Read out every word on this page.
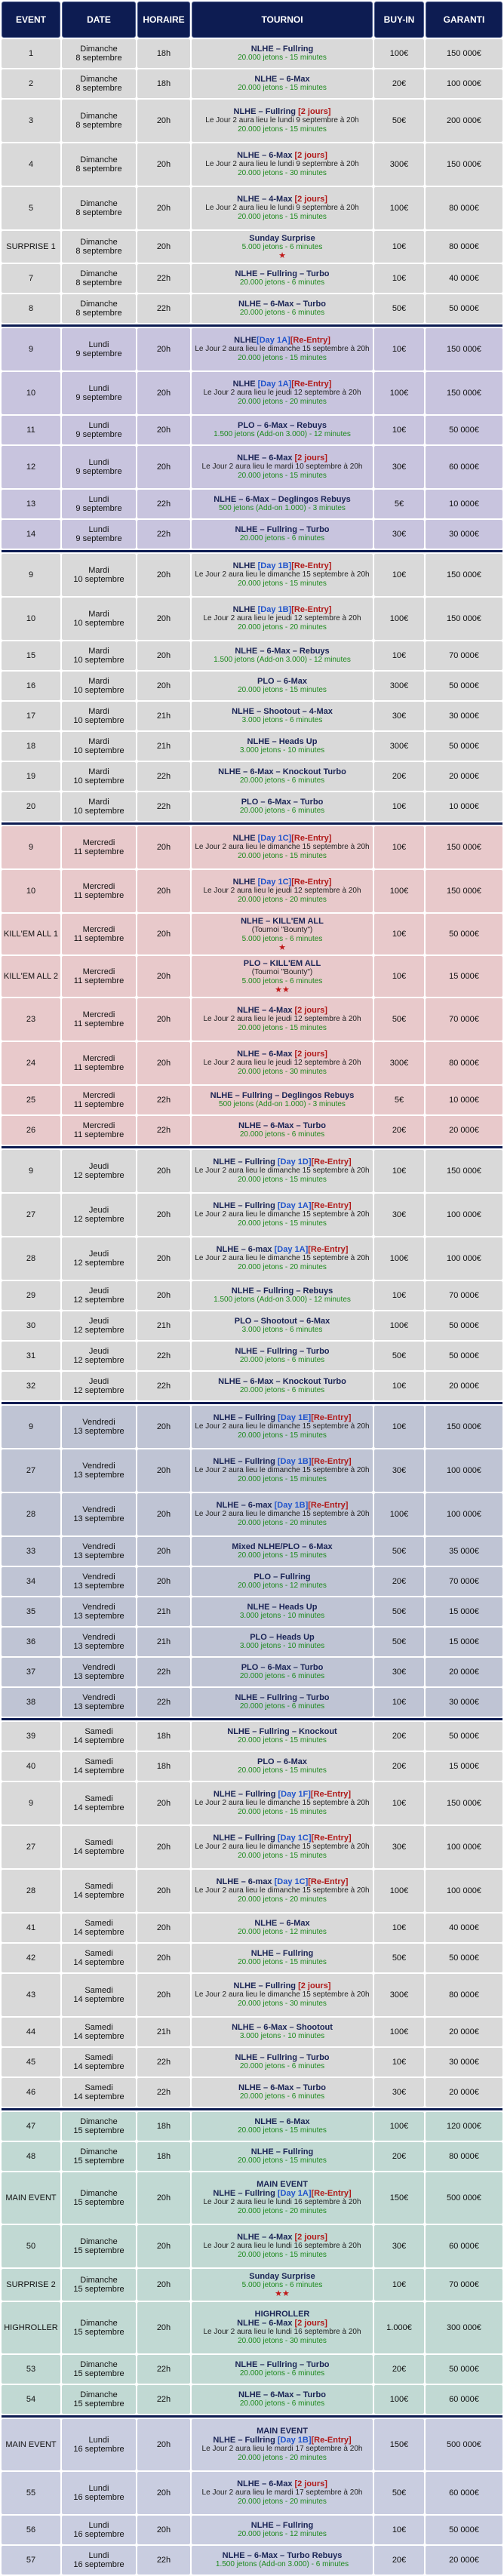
EVENT	DATE	HORAIRE	TOURNOI	BUY-IN	GARANTI
1	Dimanche
8 septembre	18h	NLHE – Fullring
20.000 jetons - 15 minutes	100€	150 000€
2	Dimanche
8 septembre	18h	NLHE – 6-Max
20.000 jetons - 15 minutes	20€	100 000€
3	Dimanche
8 septembre	20h	NLHE – Fullring [2 jours]
Le Jour 2 aura lieu le lundi 9 septembre à 20h
20.000 jetons - 15 minutes	50€	200 000€
4	Dimanche
8 septembre	20h	NLHE – 6-Max [2 jours]
Le Jour 2 aura lieu le lundi 9 septembre à 20h
20.000 jetons - 30 minutes	300€	150 000€
5	Dimanche
8 septembre	20h	NLHE – 4-Max [2 jours]
Le Jour 2 aura lieu le lundi 9 septembre à 20h
20.000 jetons - 15 minutes	100€	80 000€
SURPRISE 1	Dimanche
8 septembre	20h	Sunday Surprise
5.000 jetons - 6 minutes
★	10€	80 000€
7	Dimanche
8 septembre	22h	NLHE – Fullring – Turbo
20.000 jetons - 6 minutes	10€	40 000€
8	Dimanche
8 septembre	22h	NLHE – 6-Max – Turbo
20.000 jetons - 6 minutes	50€	50 000€

9	Lundi
9 septembre	20h	NLHE[Day 1A][Re-Entry]
Le Jour 2 aura lieu le dimanche 15 septembre à 20h
20.000 jetons - 15 minutes	10€	150 000€
10	Lundi
9 septembre	20h	NLHE [Day 1A][Re-Entry]
Le Jour 2 aura lieu le jeudi 12 septembre à 20h
20.000 jetons - 20 minutes	100€	150 000€
11	Lundi
9 septembre	20h	PLO – 6-Max – Rebuys
1.500 jetons (Add-on 3.000) - 12 minutes	10€	50 000€
12	Lundi
9 septembre	20h	NLHE – 6-Max [2 jours]
Le Jour 2 aura lieu le mardi 10 septembre à 20h
20.000 jetons - 15 minutes	30€	60 000€
13	Lundi
9 septembre	22h	NLHE – 6-Max – Deglingos Rebuys
500 jetons (Add-on 1.000) - 3 minutes	5€	10 000€
14	Lundi
9 septembre	22h	NLHE – Fullring – Turbo
20.000 jetons - 6 minutes	30€	30 000€

9	Mardi
10 septembre	20h	NLHE [Day 1B][Re-Entry]
Le Jour 2 aura lieu le dimanche 15 septembre à 20h
20.000 jetons - 15 minutes	10€	150 000€
10	Mardi
10 septembre	20h	NLHE [Day 1B][Re-Entry]
Le Jour 2 aura lieu le jeudi 12 septembre à 20h
20.000 jetons - 20 minutes	100€	150 000€
15	Mardi
10 septembre	20h	NLHE – 6-Max – Rebuys
1.500 jetons (Add-on 3.000) - 12 minutes	10€	70 000€
16	Mardi
10 septembre	20h	PLO – 6-Max
20.000 jetons - 15 minutes	300€	50 000€
17	Mardi
10 septembre	21h	NLHE – Shootout – 4-Max
3.000 jetons - 6 minutes	30€	30 000€
18	Mardi
10 septembre	21h	NLHE – Heads Up
3.000 jetons - 10 minutes	300€	50 000€
19	Mardi
10 septembre	22h	NLHE – 6-Max – Knockout Turbo
20.000 jetons - 6 minutes	20€	20 000€
20	Mardi
10 septembre	22h	PLO – 6-Max – Turbo
20.000 jetons - 6 minutes	10€	10 000€

9	Mercredi
11 septembre	20h	NLHE [Day 1C][Re-Entry]
Le Jour 2 aura lieu le dimanche 15 septembre à 20h
20.000 jetons - 15 minutes	10€	150 000€
10	Mercredi
11 septembre	20h	NLHE [Day 1C][Re-Entry]
Le Jour 2 aura lieu le jeudi 12 septembre à 20h
20.000 jetons - 20 minutes	100€	150 000€
KILL'EM ALL 1	Mercredi
11 septembre	20h	NLHE – KILL'EM ALL
(Tournoi "Bounty")
5.000 jetons - 6 minutes
★	10€	50 000€
KILL'EM ALL 2	Mercredi
11 septembre	20h	PLO – KILL'EM ALL
(Tournoi "Bounty")
5.000 jetons - 6 minutes
★★	10€	15 000€
23	Mercredi
11 septembre	20h	NLHE – 4-Max [2 jours]
Le Jour 2 aura lieu le jeudi 12 septembre à 20h
20.000 jetons - 15 minutes	50€	70 000€
24	Mercredi
11 septembre	20h	NLHE – 6-Max [2 jours]
Le Jour 2 aura lieu le jeudi 12 septembre à 20h
20.000 jetons - 30 minutes	300€	80 000€
25	Mercredi
11 septembre	22h	NLHE – Fullring – Deglingos Rebuys
500 jetons (Add-on 1.000) - 3 minutes	5€	10 000€
26	Mercredi
11 septembre	22h	NLHE – 6-Max – Turbo
20.000 jetons - 6 minutes	20€	20 000€

9	Jeudi
12 septembre	20h	NLHE – Fullring [Day 1D][Re-Entry]
Le Jour 2 aura lieu le dimanche 15 septembre à 20h
20.000 jetons - 15 minutes	10€	150 000€
27	Jeudi
12 septembre	20h	NLHE – Fullring [Day 1A][Re-Entry]
Le Jour 2 aura lieu le dimanche 15 septembre à 20h
20.000 jetons - 15 minutes	30€	100 000€
28	Jeudi
12 septembre	20h	NLHE – 6-max [Day 1A][Re-Entry]
Le Jour 2 aura lieu le dimanche 15 septembre à 20h
20.000 jetons - 20 minutes	100€	100 000€
29	Jeudi
12 septembre	20h	NLHE – Fullring – Rebuys
1.500 jetons (Add-on 3.000) - 12 minutes	10€	70 000€
30	Jeudi
12 septembre	21h	PLO – Shootout – 6-Max
3.000 jetons - 6 minutes	100€	50 000€
31	Jeudi
12 septembre	22h	NLHE – Fullring – Turbo
20.000 jetons - 6 minutes	50€	50 000€
32	Jeudi
12 septembre	22h	NLHE – 6-Max – Knockout Turbo
20.000 jetons - 6 minutes	10€	20 000€

9	Vendredi
13 septembre	20h	NLHE – Fullring [Day 1E][Re-Entry]
Le Jour 2 aura lieu le dimanche 15 septembre à 20h
20.000 jetons - 15 minutes	10€	150 000€
27	Vendredi
13 septembre	20h	NLHE – Fullring [Day 1B][Re-Entry]
Le Jour 2 aura lieu le dimanche 15 septembre à 20h
20.000 jetons - 15 minutes	30€	100 000€
28	Vendredi
13 septembre	20h	NLHE – 6-max [Day 1B][Re-Entry]
Le Jour 2 aura lieu le dimanche 15 septembre à 20h
20.000 jetons - 20 minutes	100€	100 000€
33	Vendredi
13 septembre	20h	Mixed NLHE/PLO – 6-Max
20.000 jetons - 15 minutes	50€	35 000€
34	Vendredi
13 septembre	20h	PLO – Fullring
20.000 jetons - 12 minutes	20€	70 000€
35	Vendredi
13 septembre	21h	NLHE – Heads Up
3.000 jetons - 10 minutes	50€	15 000€
36	Vendredi
13 septembre	21h	PLO – Heads Up
3.000 jetons - 10 minutes	50€	15 000€
37	Vendredi
13 septembre	22h	PLO – 6-Max – Turbo
20.000 jetons - 6 minutes	30€	20 000€
38	Vendredi
13 septembre	22h	NLHE – Fullring – Turbo
20.000 jetons - 6 minutes	10€	30 000€

39	Samedi
14 septembre	18h	NLHE – Fullring – Knockout
20.000 jetons - 15 minutes	20€	50 000€
40	Samedi
14 septembre	18h	PLO – 6-Max
20.000 jetons - 15 minutes	20€	15 000€
9	Samedi
14 septembre	20h	NLHE – Fullring [Day 1F][Re-Entry]
Le Jour 2 aura lieu le dimanche 15 septembre à 20h
20.000 jetons - 15 minutes	10€	150 000€
27	Samedi
14 septembre	20h	NLHE – Fullring [Day 1C][Re-Entry]
Le Jour 2 aura lieu le dimanche 15 septembre à 20h
20.000 jetons - 15 minutes	30€	100 000€
28	Samedi
14 septembre	20h	NLHE – 6-max [Day 1C][Re-Entry]
Le Jour 2 aura lieu le dimanche 15 septembre à 20h
20.000 jetons - 20 minutes	100€	100 000€
41	Samedi
14 septembre	20h	NLHE – 6-Max
20.000 jetons - 12 minutes	10€	40 000€
42	Samedi
14 septembre	20h	NLHE – Fullring
20.000 jetons - 15 minutes	50€	50 000€
43	Samedi
14 septembre	20h	NLHE – Fullring [2 jours]
Le Jour 2 aura lieu le dimanche 15 septembre à 20h
20.000 jetons - 30 minutes	300€	80 000€
44	Samedi
14 septembre	21h	NLHE – 6-Max – Shootout
3.000 jetons - 10 minutes	100€	20 000€
45	Samedi
14 septembre	22h	NLHE – Fullring – Turbo
20.000 jetons - 6 minutes	10€	30 000€
46	Samedi
14 septembre	22h	NLHE – 6-Max – Turbo
20.000 jetons - 6 minutes	30€	20 000€

47	Dimanche
15 septembre	18h	NLHE – 6-Max
20.000 jetons - 15 minutes	100€	120 000€
48	Dimanche
15 septembre	18h	NLHE – Fullring
20.000 jetons - 15 minutes	20€	80 000€
MAIN EVENT	Dimanche
15 septembre	20h	MAIN EVENT
NLHE – Fullring [Day 1A][Re-Entry]
Le Jour 2 aura lieu le lundi 16 septembre à 20h
20.000 jetons - 20 minutes	150€	500 000€
50	Dimanche
15 septembre	20h	NLHE – 4-Max [2 jours]
Le Jour 2 aura lieu le lundi 16 septembre à 20h
20.000 jetons - 15 minutes	30€	60 000€
SURPRISE 2	Dimanche
15 septembre	20h	Sunday Surprise
5.000 jetons - 6 minutes
★★	10€	70 000€
HIGHROLLER	Dimanche
15 septembre	20h	HIGHROLLER
NLHE – 6-Max [2 jours]
Le Jour 2 aura lieu le lundi 16 septembre à 20h
20.000 jetons - 30 minutes	1.000€	300 000€
53	Dimanche
15 septembre	22h	NLHE – Fullring – Turbo
20.000 jetons - 6 minutes	20€	50 000€
54	Dimanche
15 septembre	22h	NLHE – 6-Max – Turbo
20.000 jetons - 6 minutes	100€	60 000€

MAIN EVENT	Lundi
16 septembre	20h	MAIN EVENT
NLHE – Fullring [Day 1B][Re-Entry]
Le Jour 2 aura lieu le mardi 17 septembre à 20h
20.000 jetons - 20 minutes	150€	500 000€
55	Lundi
16 septembre	20h	NLHE – 6-Max [2 jours]
Le Jour 2 aura lieu le mardi 17 septembre à 20h
20.000 jetons - 20 minutes	50€	60 000€
56	Lundi
16 septembre	20h	NLHE – Fullring
20.000 jetons - 12 minutes	10€	50 000€
57	Lundi
16 septembre	22h	NLHE – 6-Max – Turbo Rebuys
1.500 jetons (Add-on 3.000) - 6 minutes	20€	20 000€
